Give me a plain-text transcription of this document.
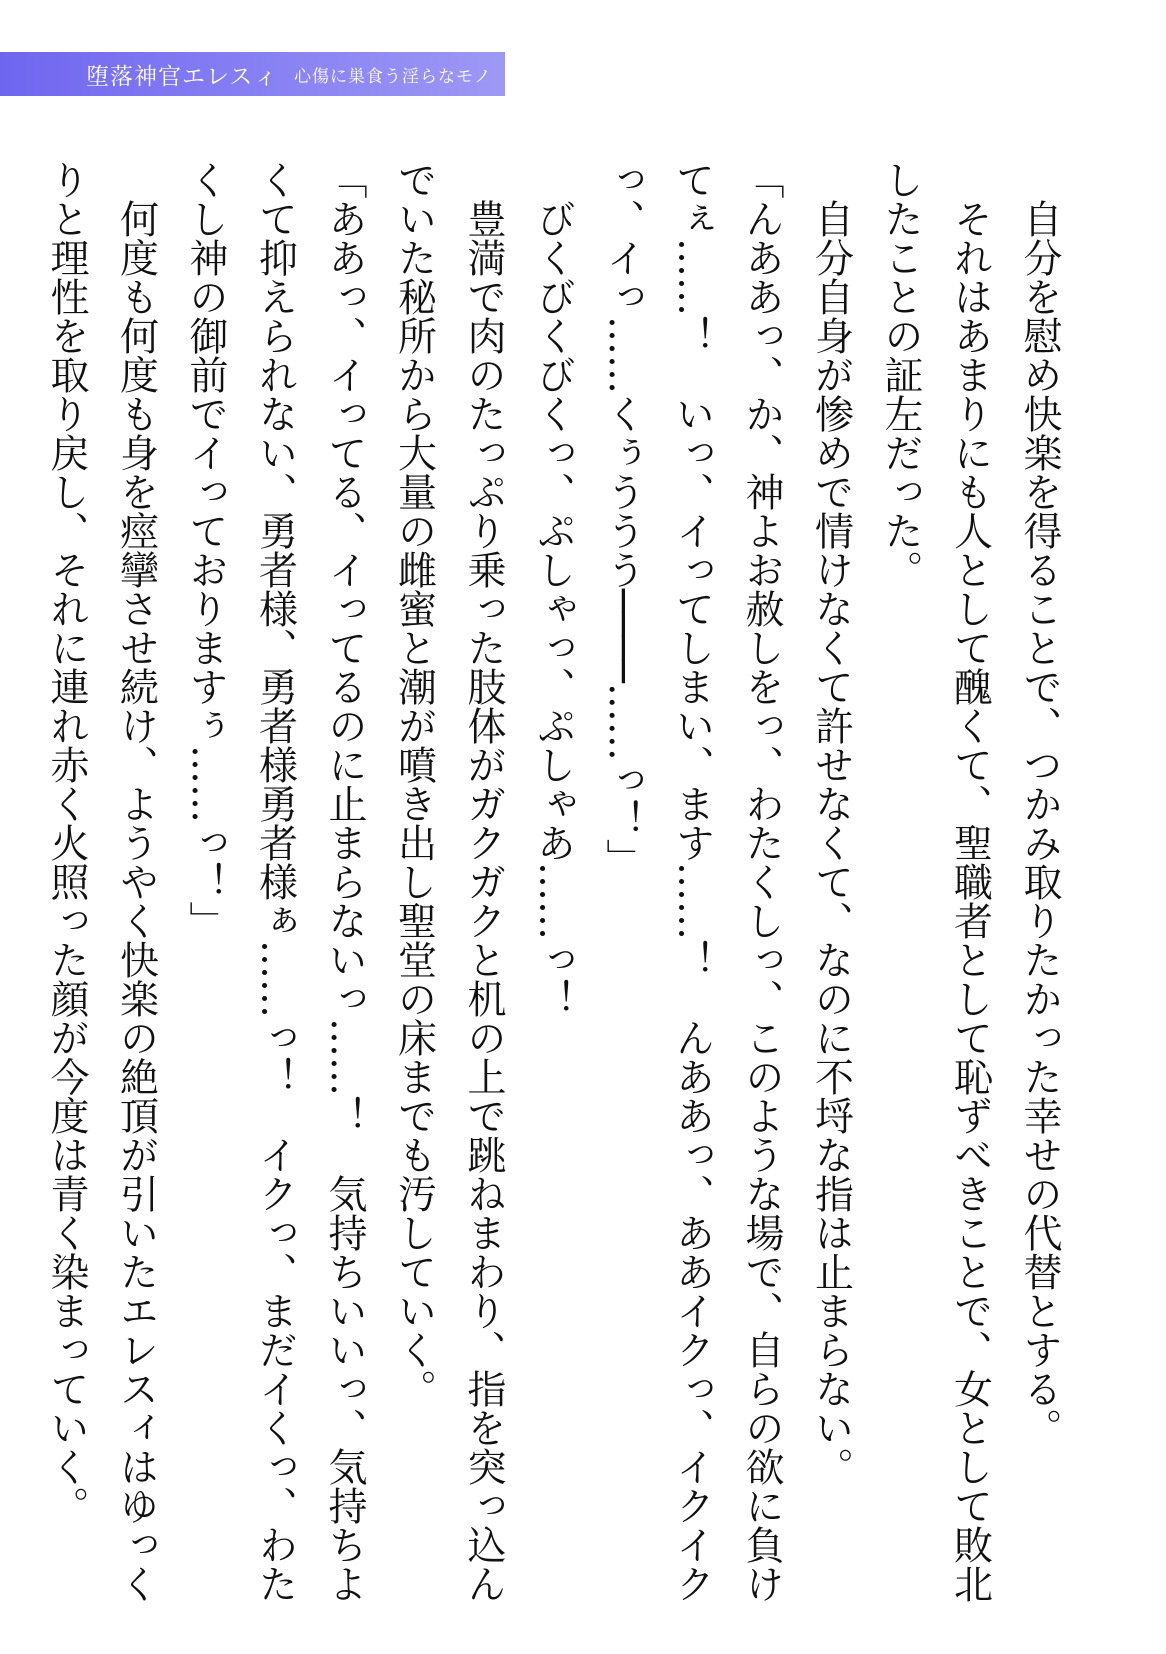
堕落神官エレスィ 心傷に巣食う淫らなモノ

自分を慰め快楽を得ることで、つかみ取りたかった幸せの代替とする。

それはあまりにも人として醜くて、聖職者として恥ずべきことで、女として敗北したことの証左だった。

自分自身が惨めで情けなくて許せなくて、なのに不埒な指は止まらない。

「んああっ、か、神よお赦しをっ、わたくしっ、このような場で、自らの欲に負けてぇ……！　いっ、イってしまい、ます……！　んああっ、ああイクっ、イクイクっ、イっ……くぅううう────……っ！」

びくびくびくっ、ぷしゃっ、ぷしゃあ……っ！

豊満で肉のたっぷり乗った肢体がガクガクと机の上で跳ねまわり、指を突っ込んでいた秘所から大量の雌蜜と潮が噴き出し聖堂の床までも汚していく。

「ああっ、イってる、イってるのに止まらないっ……！　気持ちいいっ、気持ちよくて抑えられない、勇者様、勇者様勇者様ぁ……っ！　イクっ、まだイくっ、わたくし神の御前でイっておりますぅ……っ！」

何度も何度も身を痙攣させ続け、ようやく快楽の絶頂が引いたエレスィはゆっくりと理性を取り戻し、それに連れ赤く火照った顔が今度は青く染まっていく。
